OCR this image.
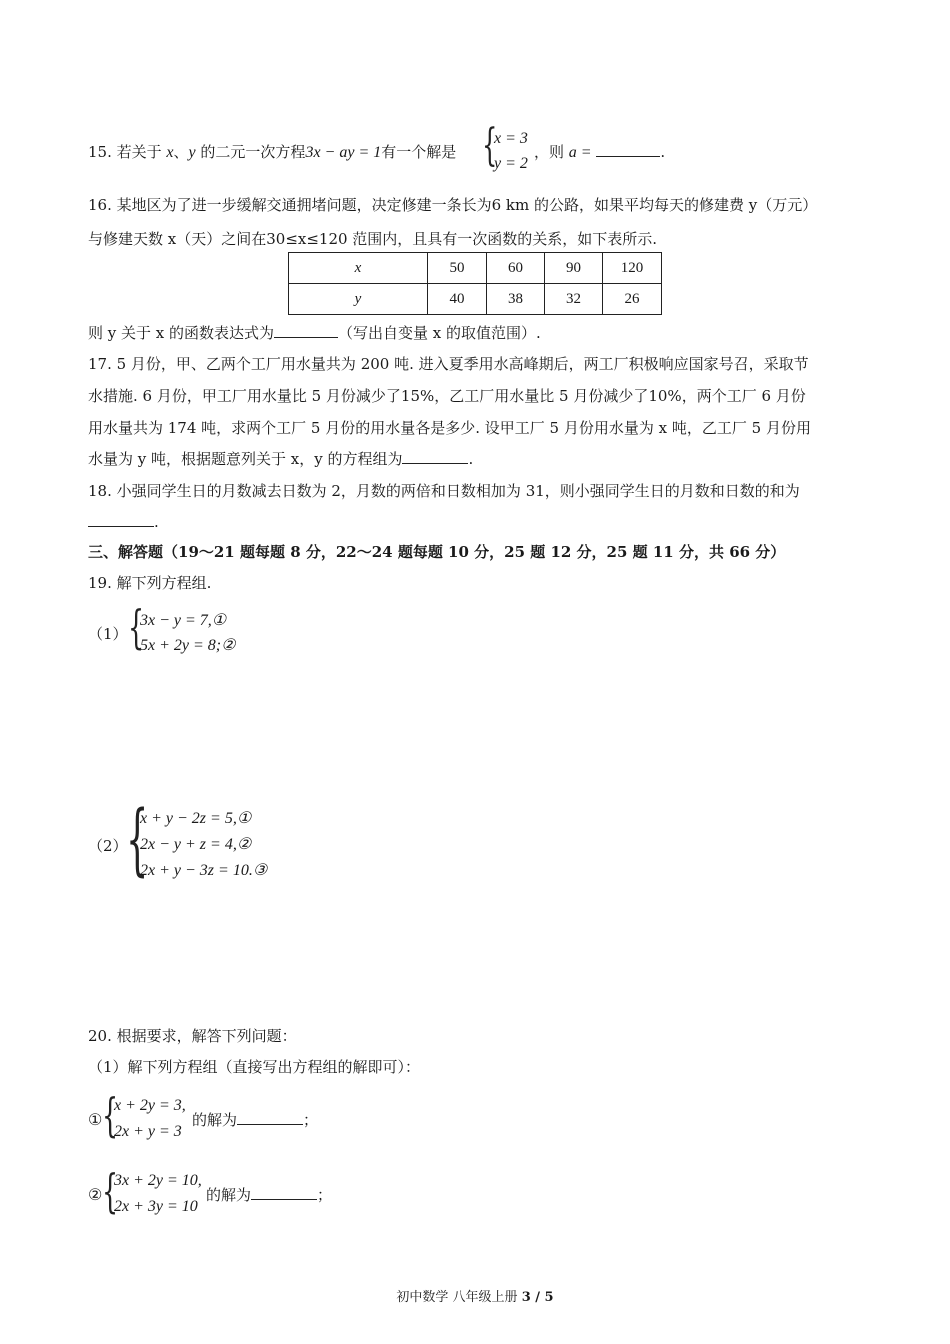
15. 若关于 x、y 的二元一次方程3x − ay = 1有一个解是 {
x = 3
y = 2
，则 a =	.
16. 某地区为了进一步缓解交通拥堵问题，决定修建一条长为6 km 的公路，如果平均每天的修建费 y（万元）
与修建天数 x（天）之间在30≤x≤120 范围内，且具有一次函数的关系，如下表所示.
x	50	60	90	120
y	40	38	32	26
则 y 关于 x 的函数表达式为	（写出自变量 x 的取值范围）.
17. 5 月份，甲、乙两个工厂用水量共为 200 吨. 进入夏季用水高峰期后，两工厂积极响应国家号召，采取节
水措施. 6 月份，甲工厂用水量比 5 月份减少了15%，乙工厂用水量比 5 月份减少了10%，两个工厂 6 月份
用水量共为 174 吨，求两个工厂 5 月份的用水量各是多少. 设甲工厂 5 月份用水量为 x 吨，乙工厂 5 月份用
水量为 y 吨，根据题意列关于 x，y 的方程组为	.
18. 小强同学生日的月数减去日数为 2，月数的两倍和日数相加为 31，则小强同学生日的月数和日数的和为
.
三、解答题（19～21 题每题 8 分，22～24 题每题 10 分，25 题 12 分，25 题 11 分，共 66 分）
19. 解下列方程组.
（1） {
3x − y = 7,①
5x + 2y = 8;②
（2）
{
x + y − 2z = 5,①
2x − y + z = 4,②
2x + y − 3z = 10.③
20. 根据要求，解答下列问题：
（1）解下列方程组（直接写出方程组的解即可）：
① {
x + 2y = 3,
2x + y = 3
的解为	；
② {
3x + 2y = 10,
2x + 3y = 10
的解为	；
初中数学 八年级上册 3 / 5
